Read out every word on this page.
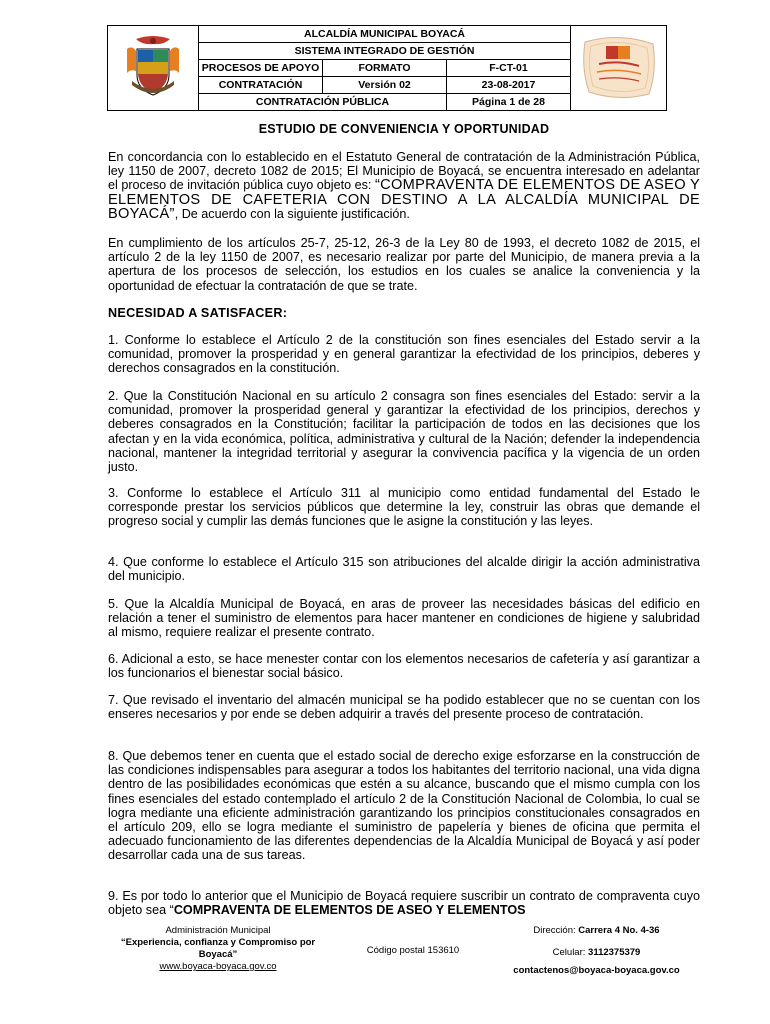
	ALCALDÍA MUNICIPAL BOYACÁ	
	SISTEMA INTEGRADO DE GESTIÓN			
	PROCESOS DE APOYO	FORMATO	F-CT-01	
	CONTRATACIÓN	Versión 02	23-08-2017	
	CONTRATACIÓN PÚBLICA		Página 1 de 28	

ESTUDIO DE CONVENIENCIA Y OPORTUNIDAD

En concordancia con lo establecido en el Estatuto General de contratación de la Administración Pública, ley 1150 de 2007, decreto 1082 de 2015; El Municipio de Boyacá, se encuentra interesado en adelantar el proceso de invitación pública cuyo objeto es: “COMPRAVENTA DE ELEMENTOS DE ASEO Y ELEMENTOS DE CAFETERIA CON DESTINO A LA ALCALDÍA MUNICIPAL DE BOYACÁ”, De acuerdo con la siguiente justificación.

En cumplimiento de los artículos 25-7, 25-12, 26-3 de la Ley 80 de 1993, el decreto 1082 de 2015, el artículo 2 de la ley 1150 de 2007, es necesario realizar por parte del Municipio, de manera previa a la apertura de los procesos de selección, los estudios en los cuales se analice la conveniencia y la oportunidad de efectuar la contratación de que se trate.

NECESIDAD A SATISFACER:

1. Conforme lo establece el Artículo 2 de la constitución son fines esenciales del Estado servir a la comunidad, promover la prosperidad y en general garantizar la efectividad de los principios, deberes y derechos consagrados en la constitución.

2. Que la Constitución Nacional en su artículo 2 consagra son fines esenciales del Estado: servir a la comunidad, promover la prosperidad general y garantizar la efectividad de los principios, derechos y deberes consagrados en la Constitución; facilitar la participación de todos en las decisiones que los afectan y en la vida económica, política, administrativa y cultural de la Nación; defender la independencia nacional, mantener la integridad territorial y asegurar la convivencia pacífica y la vigencia de un orden justo.

3. Conforme lo establece el Artículo 311 al municipio como entidad fundamental del Estado le corresponde prestar los servicios públicos que determine la ley, construir las obras que demande el progreso social y cumplir las demás funciones que le asigne la constitución y las leyes.

4. Que conforme lo establece el Artículo 315 son atribuciones del alcalde dirigir la acción administrativa del municipio.

5. Que la Alcaldía Municipal de Boyacá, en aras de proveer las necesidades básicas del edificio en relación a tener el suministro de elementos para hacer mantener en condiciones de higiene y salubridad al mismo, requiere realizar el presente contrato.

6. Adicional a esto, se hace menester contar con los elementos necesarios de cafetería y así garantizar a los funcionarios el bienestar social básico.

7. Que revisado el inventario del almacén municipal se ha podido establecer que no se cuentan con los enseres necesarios y por ende se deben adquirir a través del presente proceso de contratación.

8. Que debemos tener en cuenta que el estado social de derecho exige esforzarse en la construcción de las condiciones indispensables para asegurar a todos los habitantes del territorio nacional, una vida digna dentro de las posibilidades económicas que estén a su alcance, buscando que el mismo cumpla con los fines esenciales del estado contemplado el artículo 2 de la Constitución Nacional de Colombia, lo cual se logra mediante una eficiente administración garantizando los principios constitucionales consagrados en el artículo 209, ello se logra mediante el suministro de papelería y bienes de oficina que permita el adecuado funcionamiento de las diferentes dependencias de la Alcaldía Municipal de Boyacá y así poder desarrollar cada una de sus tareas.

9. Es por todo lo anterior que el Municipio de Boyacá requiere suscribir un contrato de compraventa cuyo objeto sea “COMPRAVENTA DE ELEMENTOS DE ASEO Y ELEMENTOS

Administración Municipal
“Experiencia, confianza y Compromiso por Boyacá”
www.boyaca-boyaca.gov.co
Código postal 153610
Dirección: Carrera 4 No. 4-36
Celular: 3112375379
contactenos@boyaca-boyaca.gov.co
